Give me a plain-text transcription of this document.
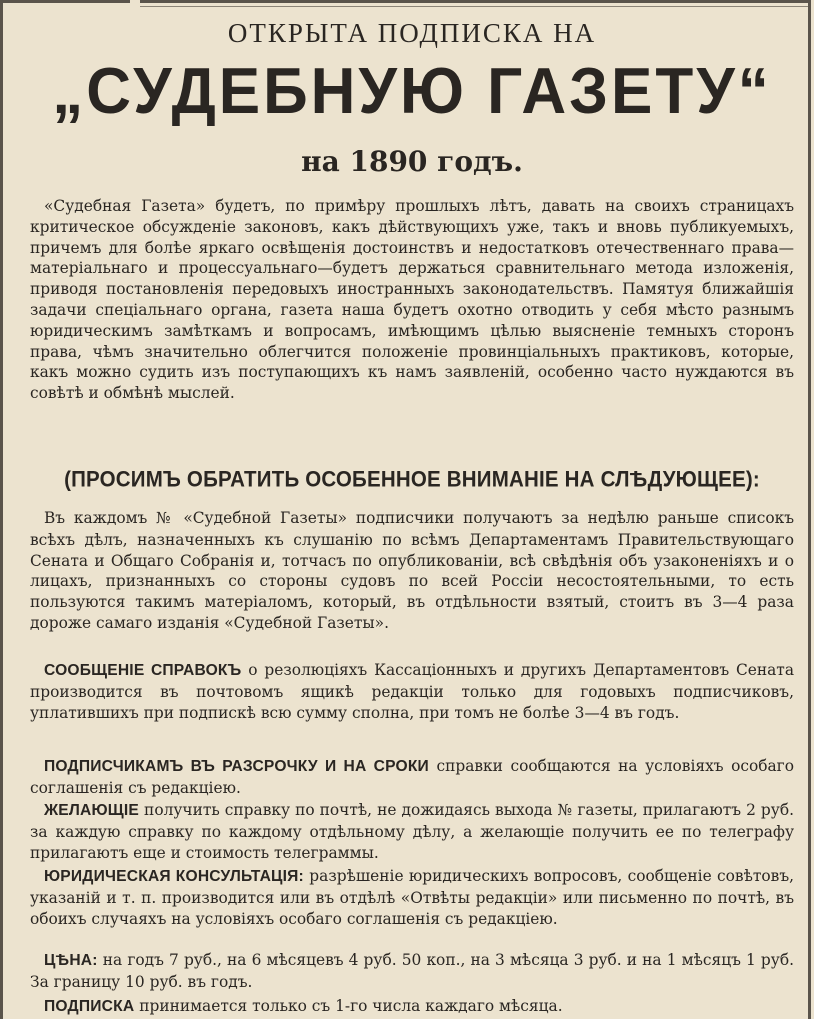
ОТКРЫТА ПОДПИСКА НА
„СУДЕБНУЮ ГАЗЕТУ“
на 1890 годъ.

«Судебная Газета» будетъ, по примѣру прошлыхъ лѣтъ, давать на своихъ страницахъ критическое обсужденіе законовъ, какъ дѣйствующихъ уже, такъ и вновь публикуемыхъ, причемъ для болѣе яркаго освѣщенія достоинствъ и недостатковъ отечественнаго права—матеріальнаго и процессуальнаго—будетъ держаться сравнительнаго метода изложенія, приводя постановленія передовыхъ иностранныхъ законодательствъ. Памятуя ближайшія задачи спеціальнаго органа, газета наша будетъ охотно отводить у себя мѣсто разнымъ юридическимъ замѣткамъ и вопросамъ, имѣющимъ цѣлью выясненіе темныхъ сторонъ права, чѣмъ значительно облегчится положеніе провинціальныхъ практиковъ, которые, какъ можно судить изъ поступающихъ къ намъ заявленій, особенно часто нуждаются въ совѣтѣ и обмѣнѣ мыслей.

(ПРОСИМЪ ОБРАТИТЬ ОСОБЕННОЕ ВНИМАНІЕ НА СЛѢДУЮЩЕЕ):

Въ каждомъ № «Судебной Газеты» подписчики получаютъ за недѣлю раньше списокъ всѣхъ дѣлъ, назначенныхъ къ слушанію по всѣмъ Департаментамъ Правительствующаго Сената и Общаго Собранія и, тотчасъ по опубликованіи, всѣ свѣдѣнія объ узаконеніяхъ и о лицахъ, признанныхъ со стороны судовъ по всей Россіи несостоятельными, то есть пользуются такимъ матеріаломъ, который, въ отдѣльности взятый, стоитъ въ 3—4 раза дороже самаго изданія «Судебной Газеты».

СООБЩЕНІЕ СПРАВОКЪ о резолюціяхъ Кассаціонныхъ и другихъ Департаментовъ Сената производится въ почтовомъ ящикѣ редакціи только для годовыхъ подписчиковъ, уплатившихъ при подпискѣ всю сумму сполна, при томъ не болѣе 3—4 въ годъ.

ПОДПИСЧИКАМЪ ВЪ РАЗСРОЧКУ И НА СРОКИ справки сообщаются на условіяхъ особаго соглашенія съ редакціею.

ЖЕЛАЮЩІЕ получить справку по почтѣ, не дожидаясь выхода № газеты, прилагаютъ 2 руб. за каждую справку по каждому отдѣльному дѣлу, а желающіе получить ее по телеграфу прилагаютъ еще и стоимость телеграммы.

ЮРИДИЧЕСКАЯ КОНСУЛЬТАЦІЯ: разрѣшеніе юридическихъ вопросовъ, сообщеніе совѣтовъ, указаній и т. п. производится или въ отдѣлѣ «Отвѣты редакціи» или письменно по почтѣ, въ обоихъ случаяхъ на условіяхъ особаго соглашенія съ редакціею.

ЦѢНА: на годъ 7 руб., на 6 мѣсяцевъ 4 руб. 50 коп., на 3 мѣсяца 3 руб. и на 1 мѣсяцъ 1 руб. За границу 10 руб. въ годъ.

ПОДПИСКА принимается только съ 1-го числа каждаго мѣсяца.
